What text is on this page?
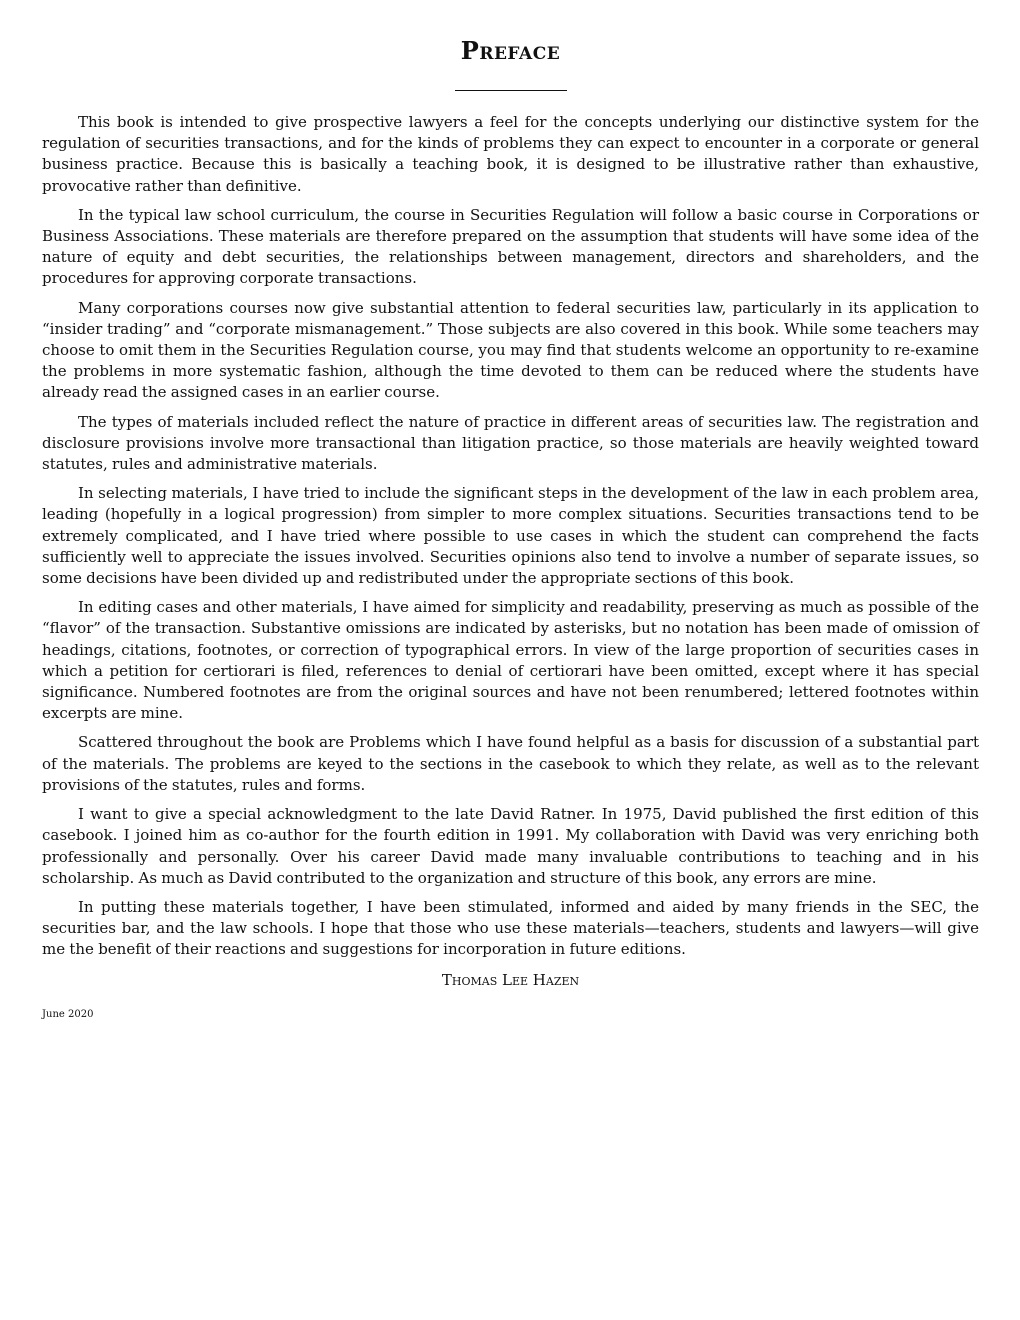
Preface

This book is intended to give prospective lawyers a feel for the concepts underlying our distinctive system for the regulation of securities transactions, and for the kinds of problems they can expect to encounter in a corporate or general business practice. Because this is basically a teaching book, it is designed to be illustrative rather than exhaustive, provocative rather than definitive.

In the typical law school curriculum, the course in Securities Regulation will follow a basic course in Corporations or Business Associations. These materials are therefore prepared on the assumption that students will have some idea of the nature of equity and debt securities, the relationships between management, directors and shareholders, and the procedures for approving corporate transactions.

Many corporations courses now give substantial attention to federal securities law, particularly in its application to “insider trading” and “corporate mismanagement.” Those subjects are also covered in this book. While some teachers may choose to omit them in the Securities Regulation course, you may find that students welcome an opportunity to re-examine the problems in more systematic fashion, although the time devoted to them can be reduced where the students have already read the assigned cases in an earlier course.

The types of materials included reflect the nature of practice in different areas of securities law. The registration and disclosure provisions involve more transactional than litigation practice, so those materials are heavily weighted toward statutes, rules and administrative materials.

In selecting materials, I have tried to include the significant steps in the development of the law in each problem area, leading (hopefully in a logical progression) from simpler to more complex situations. Securities transactions tend to be extremely complicated, and I have tried where possible to use cases in which the student can comprehend the facts sufficiently well to appreciate the issues involved. Securities opinions also tend to involve a number of separate issues, so some decisions have been divided up and redistributed under the appropriate sections of this book.

In editing cases and other materials, I have aimed for simplicity and readability, preserving as much as possible of the “flavor” of the transaction. Substantive omissions are indicated by asterisks, but no notation has been made of omission of headings, citations, footnotes, or correction of typographical errors. In view of the large proportion of securities cases in which a petition for certiorari is filed, references to denial of certiorari have been omitted, except where it has special significance. Numbered footnotes are from the original sources and have not been renumbered; lettered footnotes within excerpts are mine.

Scattered throughout the book are Problems which I have found helpful as a basis for discussion of a substantial part of the materials. The problems are keyed to the sections in the casebook to which they relate, as well as to the relevant provisions of the statutes, rules and forms.

I want to give a special acknowledgment to the late David Ratner. In 1975, David published the first edition of this casebook. I joined him as co-author for the fourth edition in 1991. My collaboration with David was very enriching both professionally and personally. Over his career David made many invaluable contributions to teaching and in his scholarship. As much as David contributed to the organization and structure of this book, any errors are mine.

In putting these materials together, I have been stimulated, informed and aided by many friends in the SEC, the securities bar, and the law schools. I hope that those who use these materials—teachers, students and lawyers—will give me the benefit of their reactions and suggestions for incorporation in future editions.

Thomas Lee Hazen

June 2020
